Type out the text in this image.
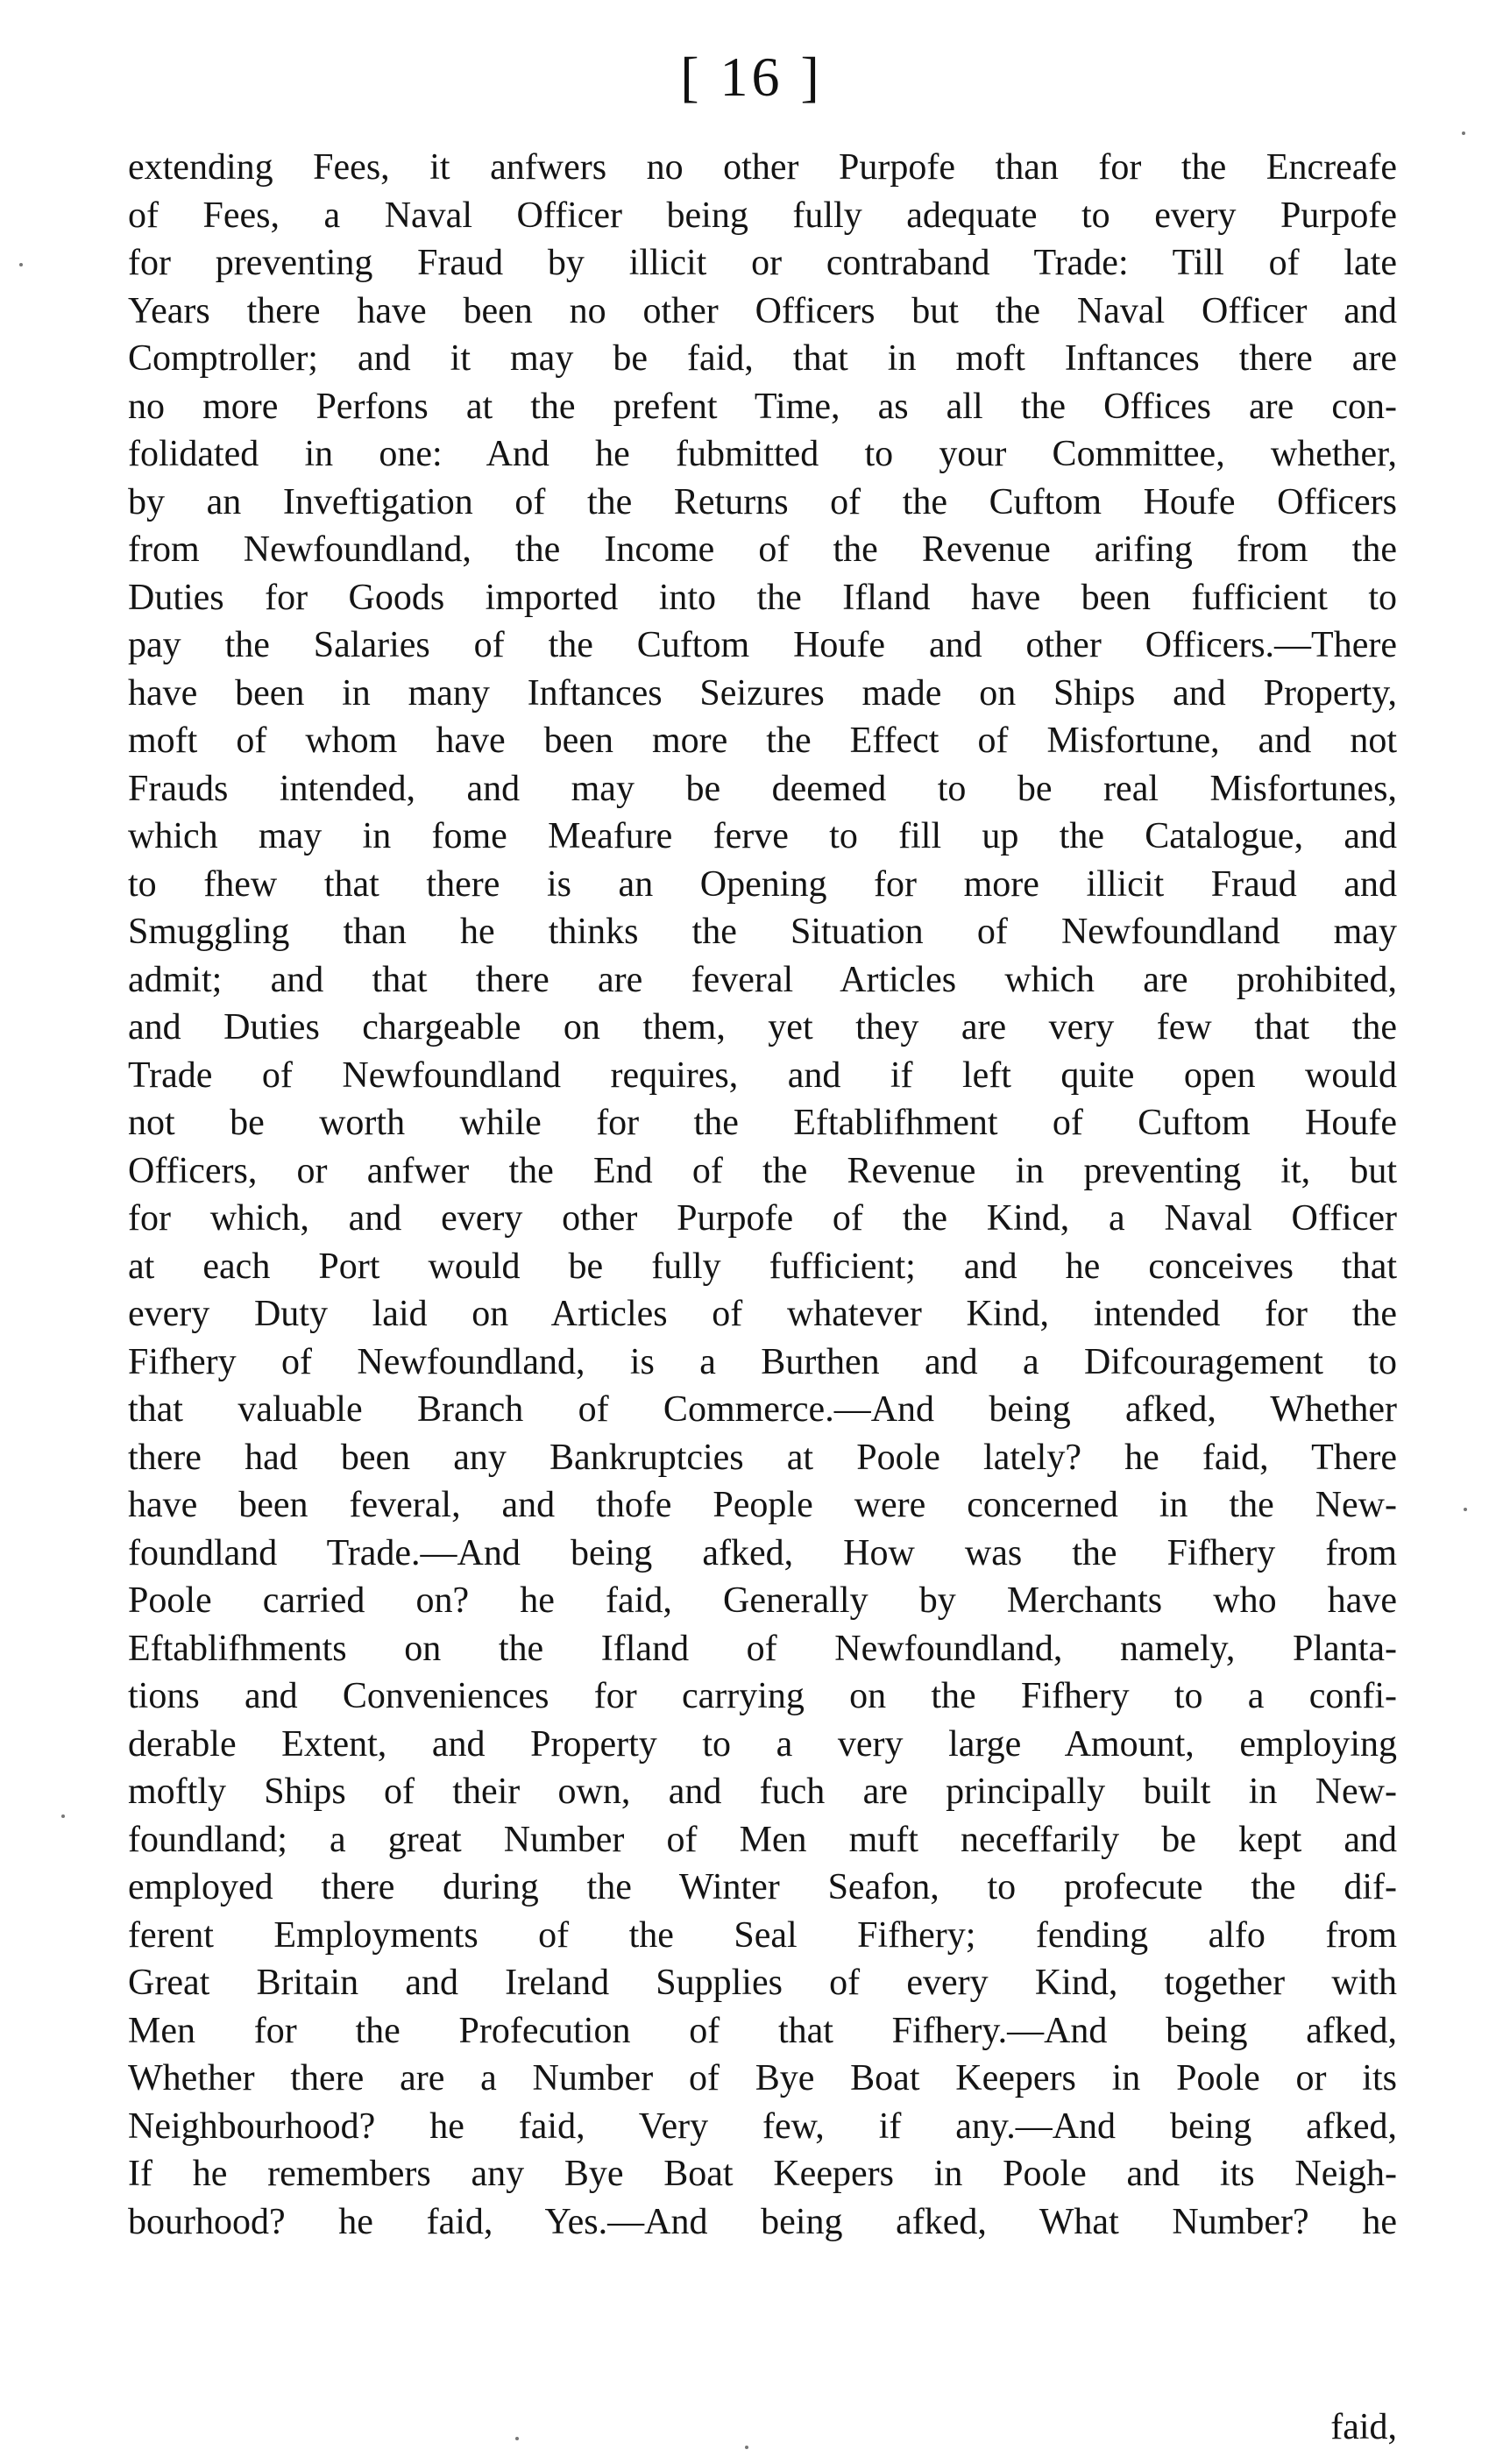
[ 16 ]
extending Fees, it anfwers no other Purpofe than for the Encreafe
of Fees, a Naval Officer being fully adequate to every Purpofe
for preventing Fraud by illicit or contraband Trade: Till of late
Years there have been no other Officers but the Naval Officer and
Comptroller; and it may be faid, that in moft Inftances there are
no more Perfons at the prefent Time, as all the Offices are con-
folidated in one: And he fubmitted to your Committee, whether,
by an Inveftigation of the Returns of the Cuftom Houfe Officers
from Newfoundland, the Income of the Revenue arifing from the
Duties for Goods imported into the Ifland have been fufficient to
pay the Salaries of the Cuftom Houfe and other Officers.—There
have been in many Inftances Seizures made on Ships and Property,
moft of whom have been more the Effect of Misfortune, and not
Frauds intended, and may be deemed to be real Misfortunes,
which may in fome Meafure ferve to fill up the Catalogue, and
to fhew that there is an Opening for more illicit Fraud and
Smuggling than he thinks the Situation of Newfoundland may
admit; and that there are feveral Articles which are prohibited,
and Duties chargeable on them, yet they are very few that the
Trade of Newfoundland requires, and if left quite open would
not be worth while for the Eftablifhment of Cuftom Houfe
Officers, or anfwer the End of the Revenue in preventing it, but
for which, and every other Purpofe of the Kind, a Naval Officer
at each Port would be fully fufficient; and he conceives that
every Duty laid on Articles of whatever Kind, intended for the
Fifhery of Newfoundland, is a Burthen and a Difcouragement to
that valuable Branch of Commerce.—And being afked, Whether
there had been any Bankruptcies at Poole lately? he faid, There
have been feveral, and thofe People were concerned in the New-
foundland Trade.—And being afked, How was the Fifhery from
Poole carried on? he faid, Generally by Merchants who have
Eftablifhments on the Ifland of Newfoundland, namely, Planta-
tions and Conveniences for carrying on the Fifhery to a confi-
derable Extent, and Property to a very large Amount, employing
moftly Ships of their own, and fuch are principally built in New-
foundland; a great Number of Men muft neceffarily be kept and
employed there during the Winter Seafon, to profecute the dif-
ferent Employments of the Seal Fifhery; fending alfo from
Great Britain and Ireland Supplies of every Kind, together with
Men for the Profecution of that Fifhery.—And being afked,
Whether there are a Number of Bye Boat Keepers in Poole or its
Neighbourhood? he faid, Very few, if any.—And being afked,
If he remembers any Bye Boat Keepers in Poole and its Neigh-
bourhood? he faid, Yes.—And being afked, What Number? he
faid,
